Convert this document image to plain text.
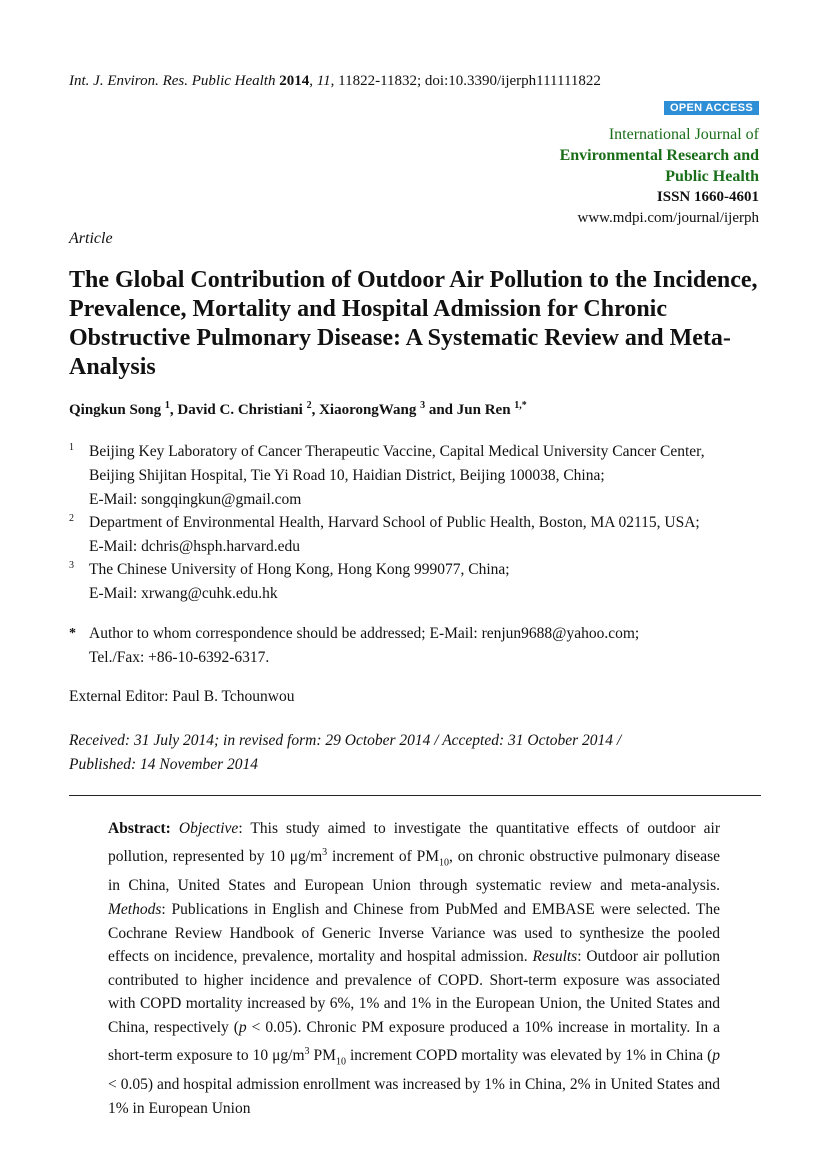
Int. J. Environ. Res. Public Health 2014, 11, 11822-11832; doi:10.3390/ijerph111111822
OPEN ACCESS
International Journal of
Environmental Research and
Public Health
ISSN 1660-4601
www.mdpi.com/journal/ijerph
Article
The Global Contribution of Outdoor Air Pollution to the Incidence, Prevalence, Mortality and Hospital Admission for Chronic Obstructive Pulmonary Disease: A Systematic Review and Meta-Analysis
Qingkun Song $^1$, David C. Christiani $^2$, XiaorongWang $^3$ and Jun Ren $^{1,*}$
1 Beijing Key Laboratory of Cancer Therapeutic Vaccine, Capital Medical University Cancer Center,
Beijing Shijitan Hospital, Tie Yi Road 10, Haidian District, Beijing 100038, China;
E-Mail: songqingkun@gmail.com
2 Department of Environmental Health, Harvard School of Public Health, Boston, MA 02115, USA;
E-Mail: dchris@hsph.harvard.edu
3 The Chinese University of Hong Kong, Hong Kong 999077, China;
E-Mail: xrwang@cuhk.edu.hk
* Author to whom correspondence should be addressed; E-Mail: renjun9688@yahoo.com;
Tel./Fax: +86-10-6392-6317.
External Editor: Paul B. Tchounwou
Received: 31 July 2014; in revised form: 29 October 2014 / Accepted: 31 October 2014 /
Published: 14 November 2014
Abstract: Objective: This study aimed to investigate the quantitative effects of outdoor air pollution, represented by 10 $\mu g/m^3$ increment of $PM_{10}$, on chronic obstructive pulmonary disease in China, United States and European Union through systematic review and meta-analysis. Methods: Publications in English and Chinese from PubMed and EMBASE were selected. The Cochrane Review Handbook of Generic Inverse Variance was used to synthesize the pooled effects on incidence, prevalence, mortality and hospital admission. Results: Outdoor air pollution contributed to higher incidence and prevalence of COPD. Short-term exposure was associated with COPD mortality increased by 6%, 1% and 1% in the European Union, the United States and China, respectively (p < 0.05). Chronic PM exposure produced a 10% increase in mortality. In a short-term exposure to 10 $\mu g/m^3$ $PM_{10}$ increment COPD mortality was elevated by 1% in China (p < 0.05) and hospital admission enrollment was increased by 1% in China, 2% in United States and 1% in European Union
